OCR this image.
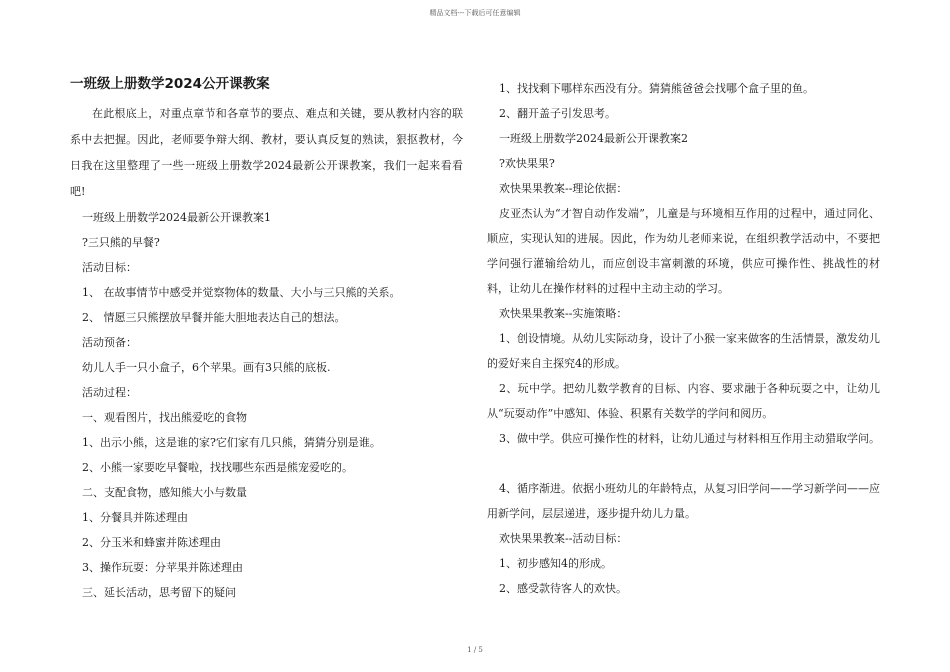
精品文档---下载后可任意编辑
一班级上册数学2024公开课教案

在此根底上，对重点章节和各章节的要点、难点和关键，要从教材内容的联系中去把握。因此，老师要争辩大纲、教材，要认真反复的熟读，狠抠教材，今日我在这里整理了一些一班级上册数学2024最新公开课教案，我们一起来看看吧!

一班级上册数学2024最新公开课教案1

?三只熊的早餐?

活动目标：

1、 在故事情节中感受并觉察物体的数量、大小与三只熊的关系。

2、 情愿三只熊摆放早餐并能大胆地表达自己的想法。

活动预备：

幼儿人手一只小盒子，6个苹果。画有3只熊的底板.

活动过程：

一、观看图片，找出熊爱吃的食物

1、出示小熊，这是谁的家?它们家有几只熊，猜猜分别是谁。

2、小熊一家要吃早餐啦，找找哪些东西是熊宠爱吃的。

二、支配食物，感知熊大小与数量

1、分餐具并陈述理由

2、分玉米和蜂蜜并陈述理由

3、操作玩耍：分苹果并陈述理由

三、延长活动，思考留下的疑问

1、找找剩下哪样东西没有分。猜猜熊爸爸会找哪个盒子里的鱼。

2、翻开盖子引发思考。

一班级上册数学2024最新公开课教案2

?欢快果果?

欢快果果教案--理论依据：

皮亚杰认为“才智自动作发端”，儿童是与环境相互作用的过程中，通过同化、顺应，实现认知的进展。因此，作为幼儿老师来说，在组织教学活动中，不要把学问强行灌输给幼儿，而应创设丰富刺激的环境，供应可操作性、挑战性的材料，让幼儿在操作材料的过程中主动主动的学习。

欢快果果教案--实施策略：

1、创设情境。从幼儿实际动身，设计了小猴一家来做客的生活情景，激发幼儿的爱好来自主探究4的形成。

2、玩中学。把幼儿数学教育的目标、内容、要求融于各种玩耍之中，让幼儿从“玩耍动作”中感知、体验、积累有关数学的学问和阅历。

3、做中学。供应可操作性的材料，让幼儿通过与材料相互作用主动猎取学问。

4、循序渐进。依据小班幼儿的年龄特点，从复习旧学问——学习新学问——应用新学问，层层递进，逐步提升幼儿力量。

欢快果果教案--活动目标：

1、初步感知4的形成。

2、感受款待客人的欢快。

1 / 5
